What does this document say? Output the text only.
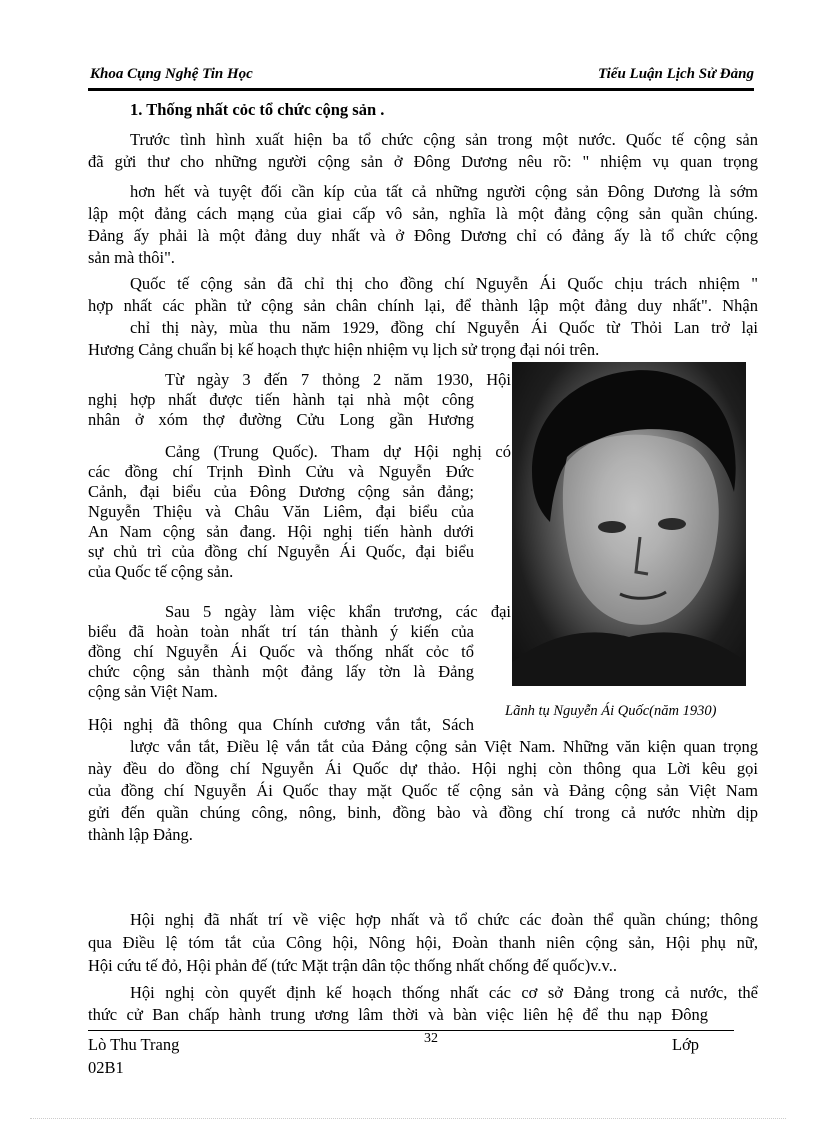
Khoa Cụng Nghệ Tin Học	Tiểu Luận Lịch Sử Đảng
1. Thống nhất cỏc tổ chức cộng sản .
Trước tình hình xuất hiện ba tổ chức cộng sản trong một nước. Quốc tế cộng sản
đã gửi thư cho những người cộng sản ở Đông Dương nêu rõ: " nhiệm vụ quan trọng
hơn hết và tuyệt đối cần kíp của tất cả những người cộng sản Đông Dương là sớm
lập một đảng cách mạng của giai cấp vô sản, nghĩa là một đảng cộng sản quần chúng.
Đảng ấy phải là một đảng duy nhất và ở Đông Dương chỉ có đảng ấy là tổ chức cộng
sản mà thôi".
Quốc tế cộng sản đã chỉ thị cho đồng chí Nguyễn Ái Quốc chịu trách nhiệm "
hợp nhất các phần tử cộng sản chân chính lại, để thành lập một đảng duy nhất". Nhận
chỉ thị này, mùa thu năm 1929, đồng chí Nguyễn Ái Quốc từ Thỏi Lan trở lại
Hương Cảng chuẩn bị kế hoạch thực hiện nhiệm vụ lịch sử trọng đại nói trên.
Từ ngày 3 đến 7 thỏng 2 năm 1930, Hội
nghị hợp nhất được tiến hành tại nhà một công
nhân ở xóm thợ đường Cửu Long gần Hương
Cảng (Trung Quốc). Tham dự Hội nghị có
các đồng chí Trịnh Đình Cửu và Nguyễn Đức
Cảnh, đại biểu của Đông Dương cộng sản đảng;
Nguyễn Thiệu và Châu Văn Liêm, đại biểu của
An Nam cộng sản đang. Hội nghị tiến hành dưới
sự chủ trì của đồng chí Nguyễn Ái Quốc, đại biểu
của Quốc tế cộng sản.
Sau 5 ngày làm việc khẩn trương, các đại
biểu đã hoàn toàn nhất trí tán thành ý kiến của
đồng chí Nguyễn Ái Quốc và thống nhất cỏc tổ
chức cộng sản thành một đảng lấy tờn là Đảng
cộng sản Việt Nam.
Lãnh tụ Nguyễn Ái Quốc(năm 1930)
Hội nghị đã thông qua Chính cương vắn tắt, Sách
lược vắn tắt, Điều lệ vắn tắt của Đảng cộng sản Việt Nam. Những văn kiện quan trọng
này đều do đồng chí Nguyễn Ái Quốc dự thảo. Hội nghị còn thông qua Lời kêu gọi
của đồng chí Nguyễn Ái Quốc thay mặt Quốc tế cộng sản và Đảng cộng sản Việt Nam
gửi đến quần chúng công, nông, binh, đồng bào và đồng chí trong cả nước nhừn dịp
thành lập Đảng.
Hội nghị đã nhất trí về việc hợp nhất và tổ chức các đoàn thể quần chúng; thông
qua Điều lệ tóm tắt của Công hội, Nông hội, Đoàn thanh niên cộng sản, Hội phụ nữ,
Hội cứu tế đỏ, Hội phản đế (tức Mặt trận dân tộc thống nhất chống đế quốc)v.v..
Hội nghị còn quyết định kế hoạch thống nhất các cơ sở Đảng trong cả nước, thể
thức cử Ban chấp hành trung ương lâm thời và bàn việc liên hệ để thu nạp Đông
Lò Thu Trang	32	Lớp
02B1
